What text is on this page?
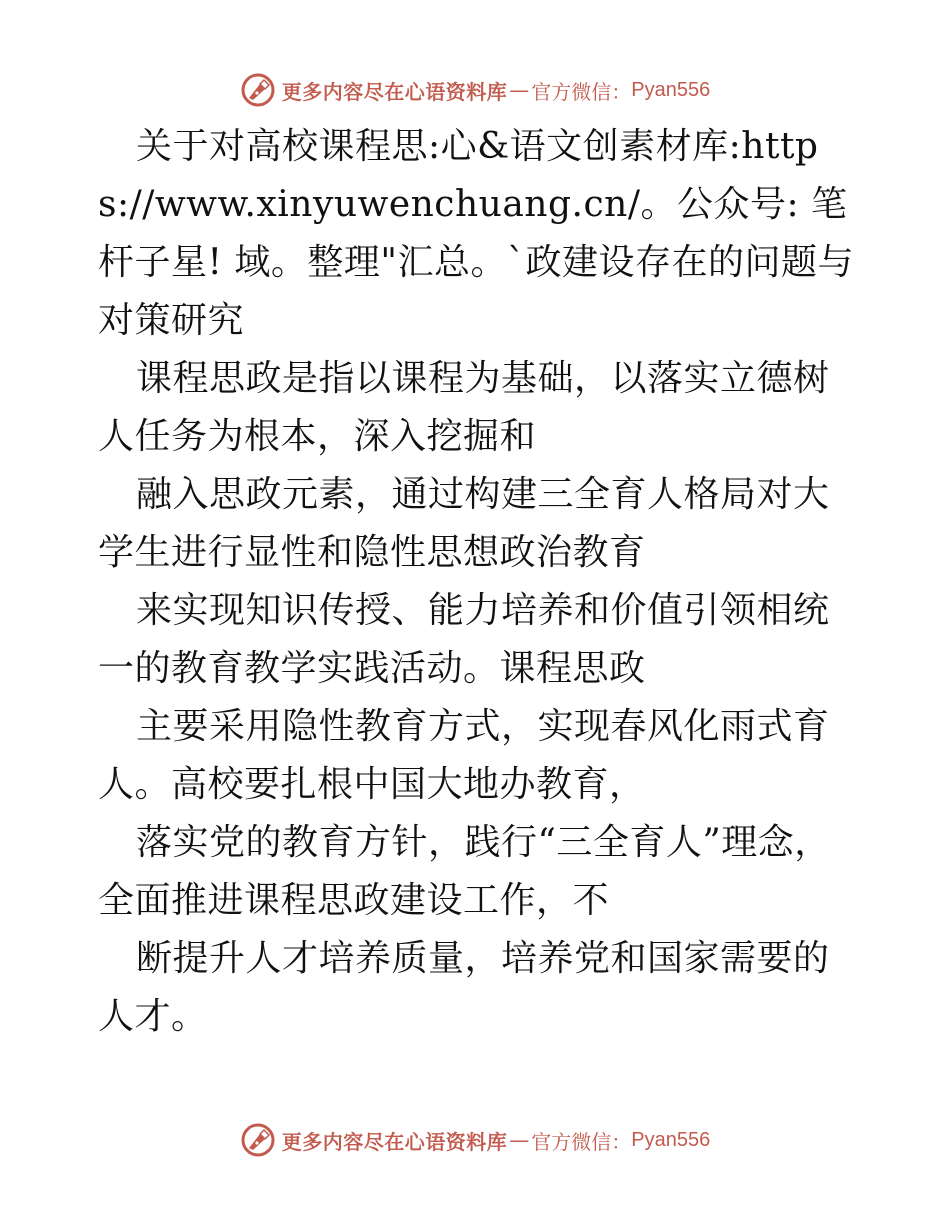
更多内容尽在心语资料库 — 官方微信： Pyan556

关于对高校课程思:心&语文创素材库:https://www.xinyuwenchuang.cn/。公众号: 笔杆子星! 域。整理"汇总。`政建设存在的问题与对策研究

课程思政是指以课程为基础，以落实立德树人任务为根本，深入挖掘和

融入思政元素，通过构建三全育人格局对大学生进行显性和隐性思想政治教育

来实现知识传授、能力培养和价值引领相统一的教育教学实践活动。课程思政

主要采用隐性教育方式，实现春风化雨式育人。高校要扎根中国大地办教育，

落实党的教育方针，践行“三全育人”理念，全面推进课程思政建设工作，不

断提升人才培养质量，培养党和国家需要的人才。

更多内容尽在心语资料库 — 官方微信： Pyan556
